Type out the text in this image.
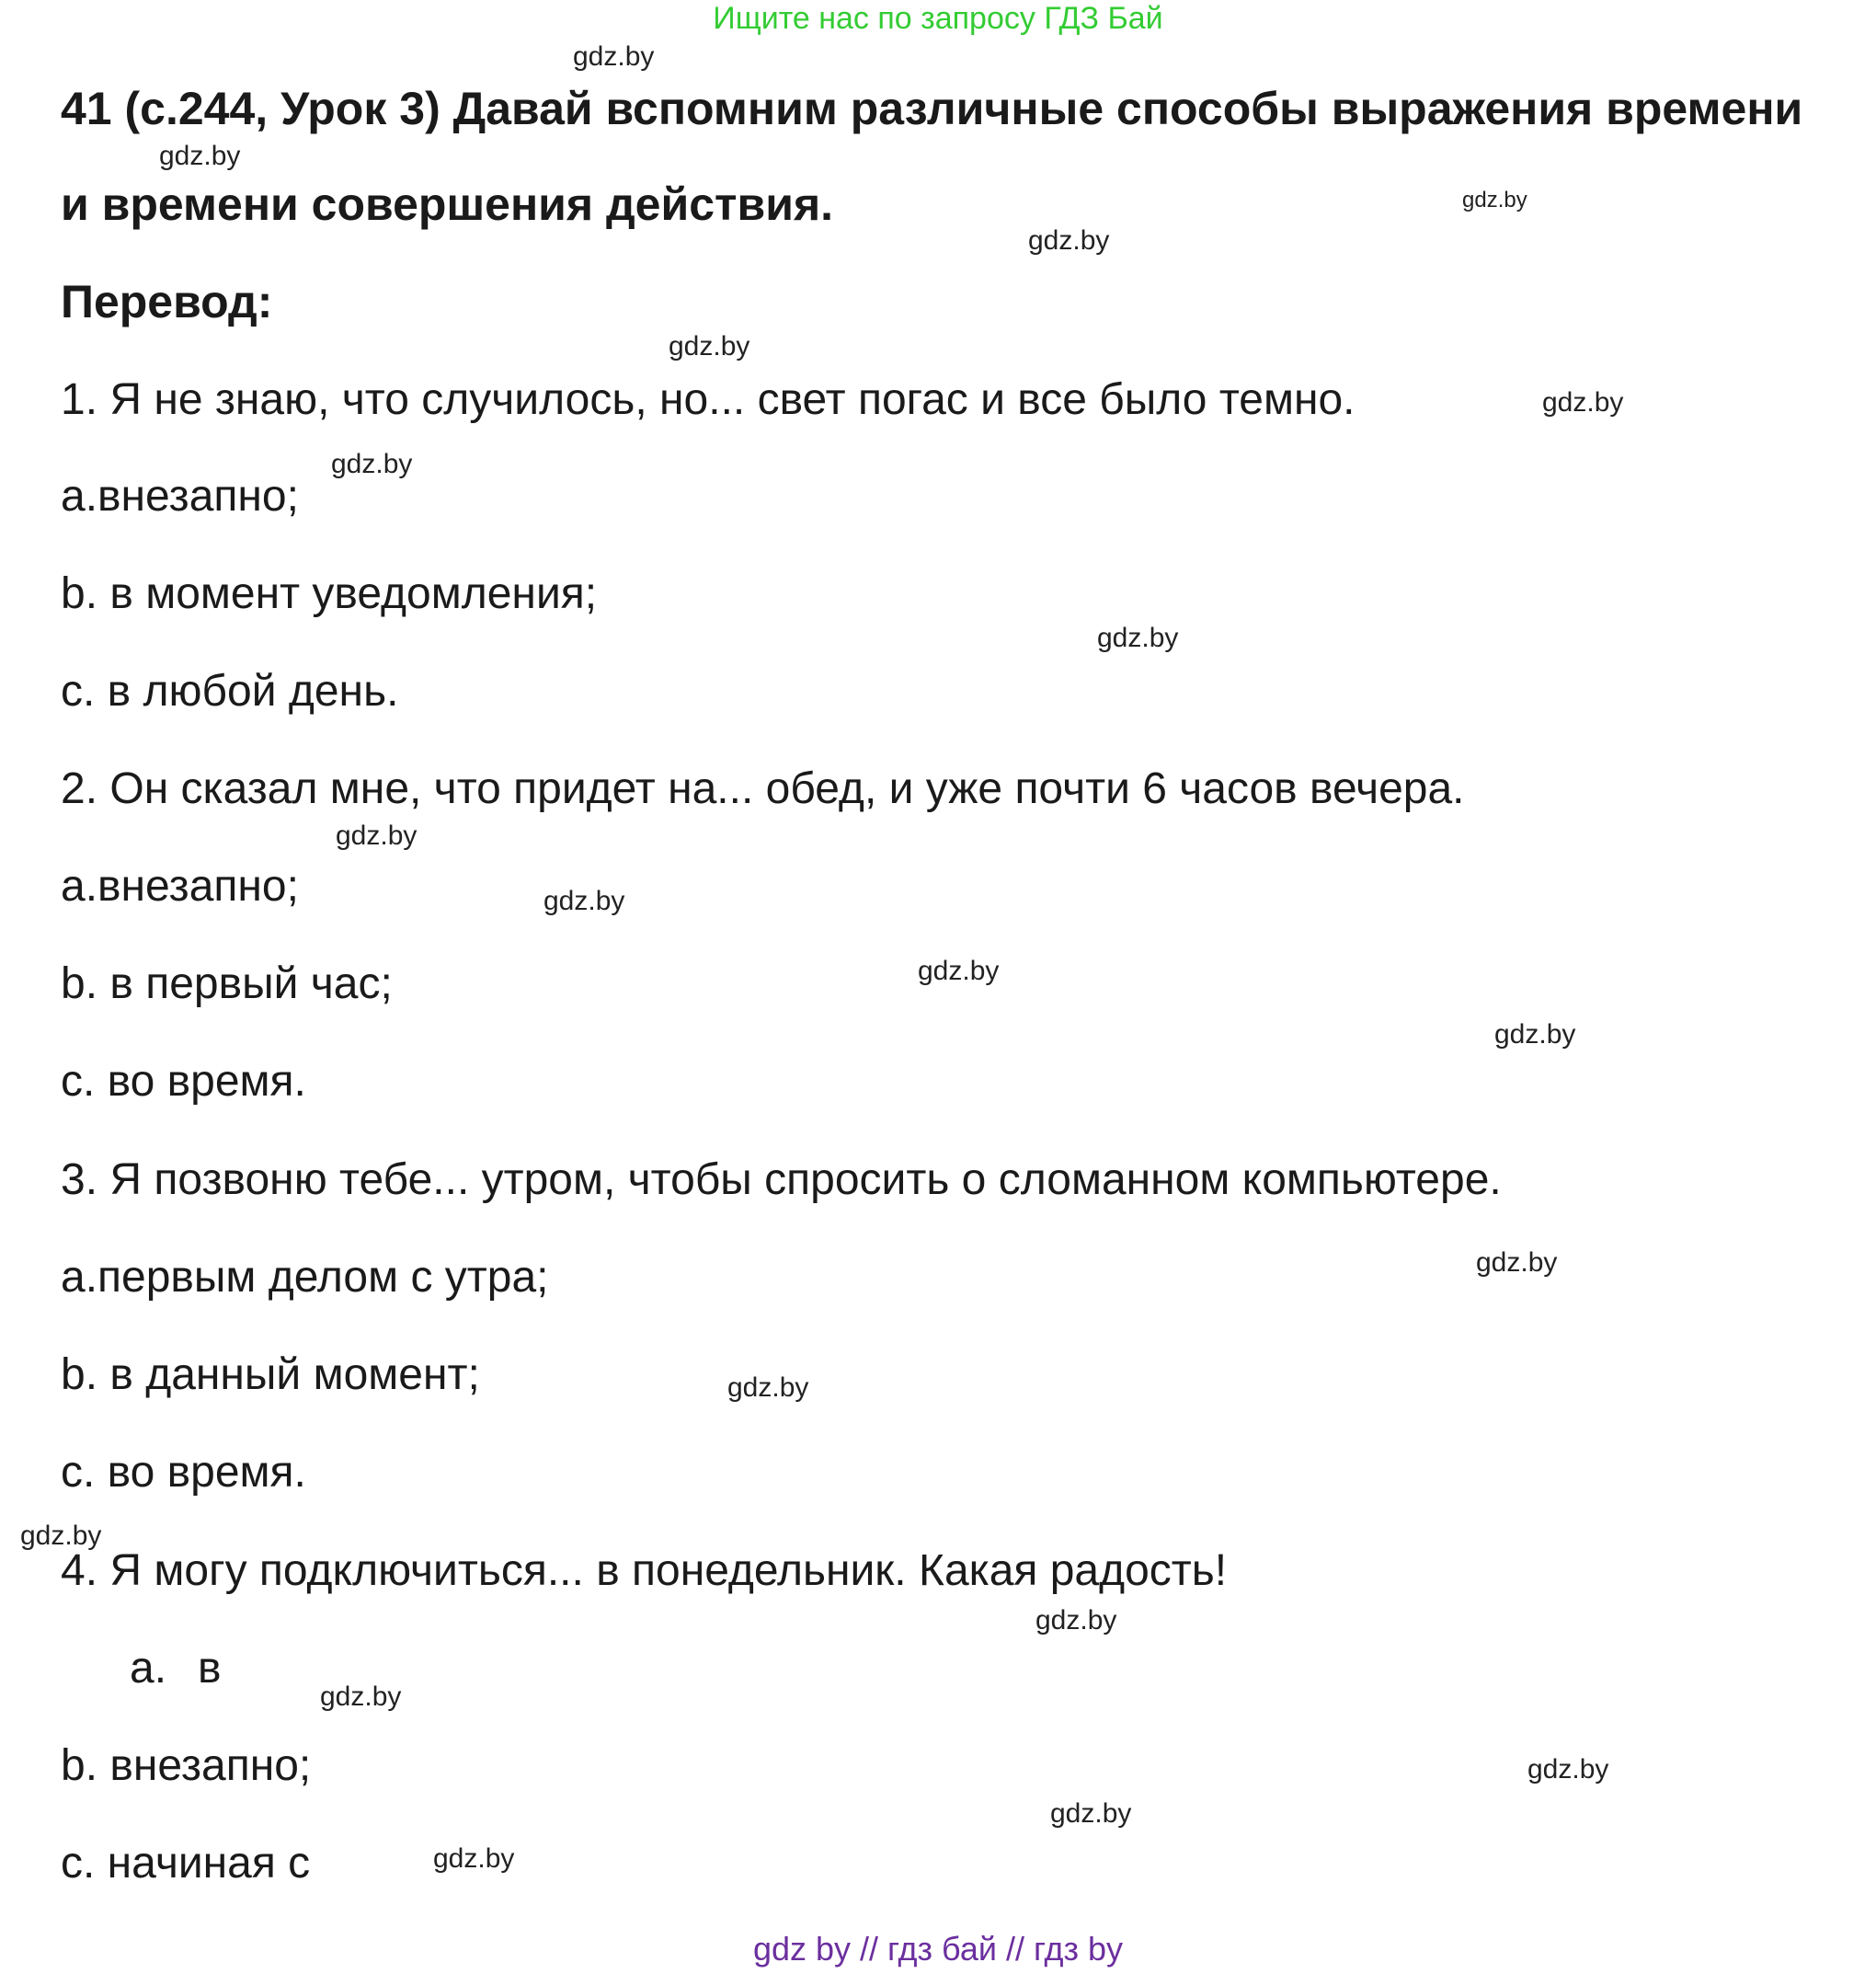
Ищите нас по запросу ГДЗ Бай
41 (с.244, Урок 3) Давай вспомним различные способы выражения времени
и времени совершения действия.
Перевод:
1. Я не знаю, что случилось, но... свет погас и все было темно.
a.внезапно;
b. в момент уведомления;
c. в любой день.
2. Он сказал мне, что придет на... обед, и уже почти 6 часов вечера.
a.внезапно;
b. в первый час;
c. во время.
3. Я позвоню тебе... утром, чтобы спросить о сломанном компьютере.
a.первым делом с утра;
b. в данный момент;
c. во время.
4. Я могу подключиться... в понедельник. Какая радость!
a. в
b. внезапно;
c. начиная с
gdz.by
gdz.by
gdz.by
gdz.by
gdz.by
gdz.by
gdz.by
gdz.by
gdz.by
gdz.by
gdz.by
gdz.by
gdz.by
gdz.by
gdz.by
gdz.by
gdz.by
gdz.by
gdz.by
gdz.by
gdz by // гдз бай // гдз by
